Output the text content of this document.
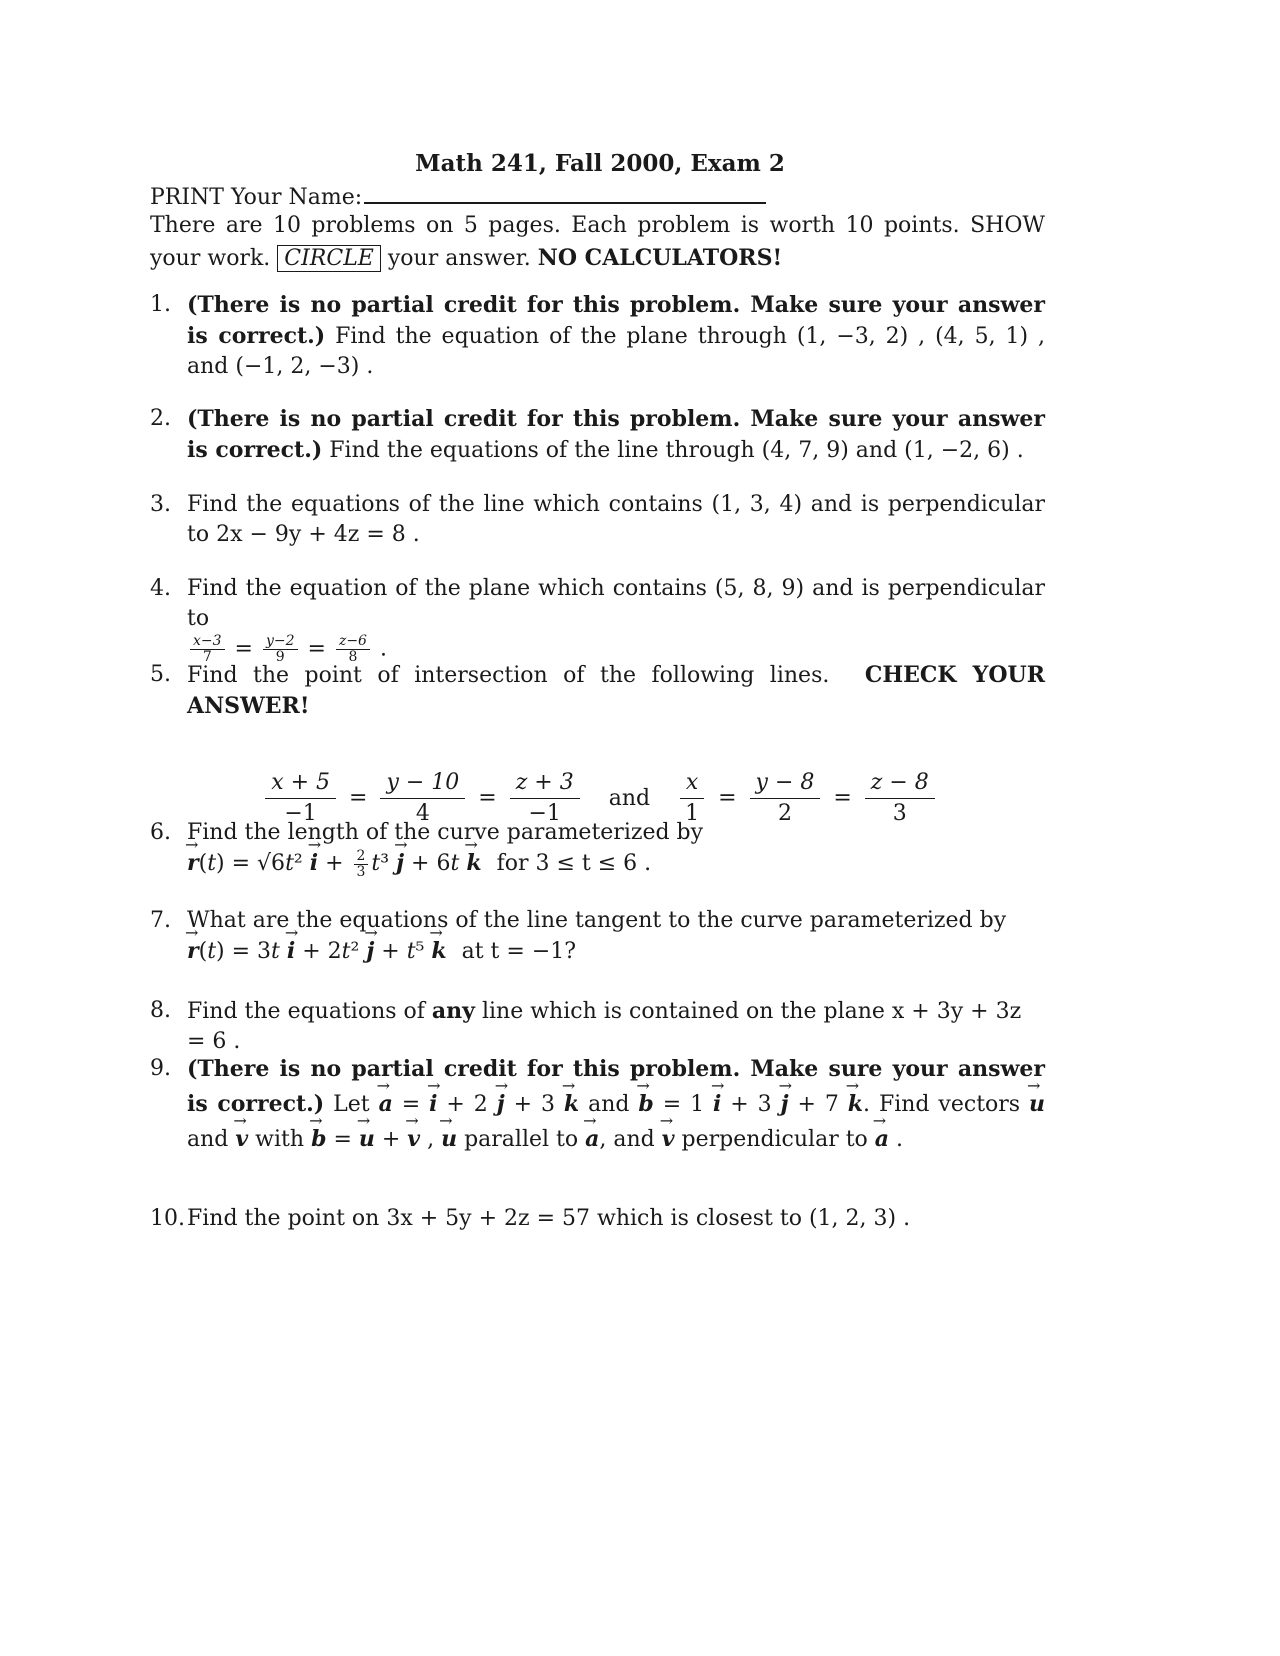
Math 241, Fall 2000, Exam 2
PRINT Your Name:
There are 10 problems on 5 pages. Each problem is worth 10 points. SHOW your work. CIRCLE your answer. NO CALCULATORS!
1. (There is no partial credit for this problem. Make sure your answer is correct.) Find the equation of the plane through (1, −3, 2) , (4, 5, 1) , and (−1, 2, −3) .
2. (There is no partial credit for this problem. Make sure your answer is correct.) Find the equations of the line through (4, 7, 9) and (1, −2, 6) .
3. Find the equations of the line which contains (1, 3, 4) and is perpendicular to 2x − 9y + 4z = 8 .
4. Find the equation of the plane which contains (5, 8, 9) and is perpendicular to

$\frac{x-3}{7} = \frac{y-2}{9} = \frac{z-6}{8}$ .
5. Find the point of intersection of the following lines. CHECK YOUR
ANSWER!
$\frac{x + 5}{-1} = \frac{y - 10}{4} = \frac{z + 3}{-1}$ and $\frac{x}{1} = \frac{y - 8}{2} = \frac{z - 8}{3}$
6. Find the length of the curve parameterized by
→ $r(t) = √6t^2 \to i + \frac{2}{3} t^3 \to j + 6t \to k$ for 3 ≤ t ≤ 6 .
7. What are the equations of the line tangent to the curve parameterized by
→ r(t) = 3t → i + 2t² → j + t⁵ → k at t = −1?
8. Find the equations of any line which is contained on the plane x + 3y + 3z = 6 .
9. (There is no partial credit for this problem. Make sure your answer is correct.) Let → a = → i + 2 → j + 3 → k and → b = 1 → i + 3 → j + 7 → k. Find vectors → u and → v with → b = → u + → v , → u parallel to → a, and → v perpendicular to → a .
10. Find the point on 3x + 5y + 2z = 57 which is closest to (1, 2, 3) .
